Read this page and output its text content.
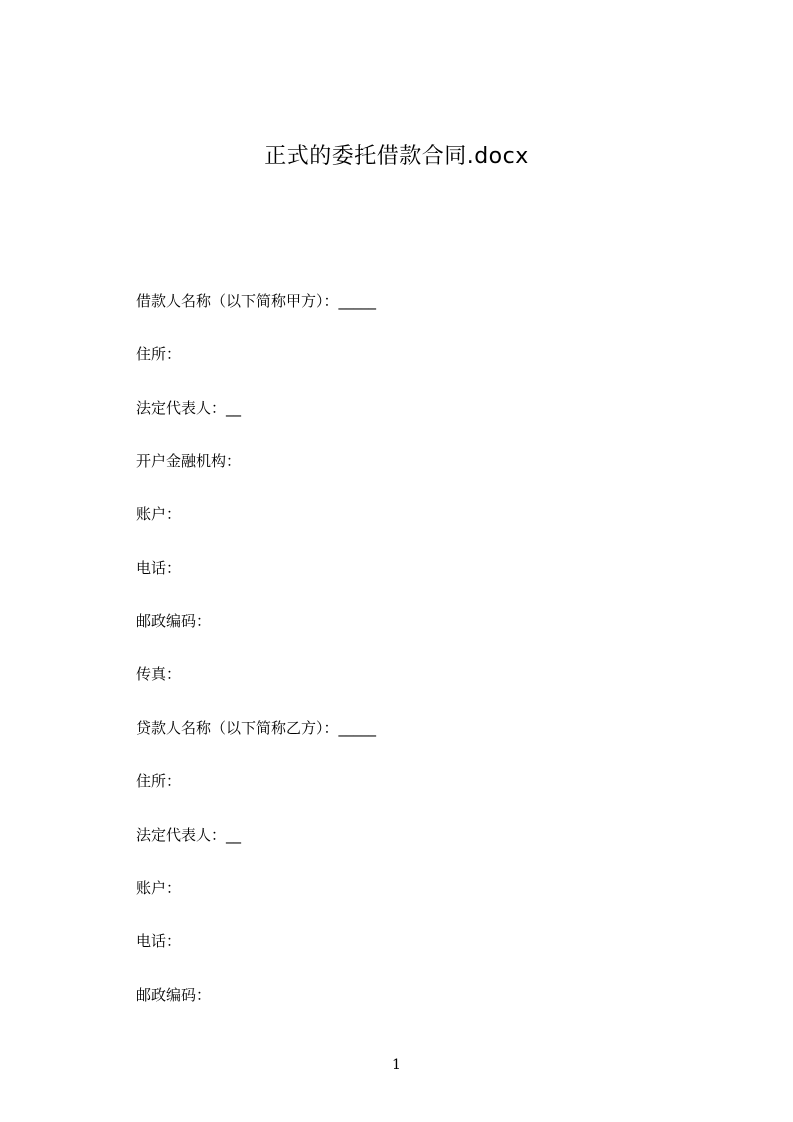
正式的委托借款合同.docx
借款人名称（以下简称甲方）：_____
住所：
法定代表人：__
开户金融机构：
账户：
电话：
邮政编码：
传真：
贷款人名称（以下简称乙方）：_____
住所：
法定代表人：__
账户：
电话：
邮政编码：
1
